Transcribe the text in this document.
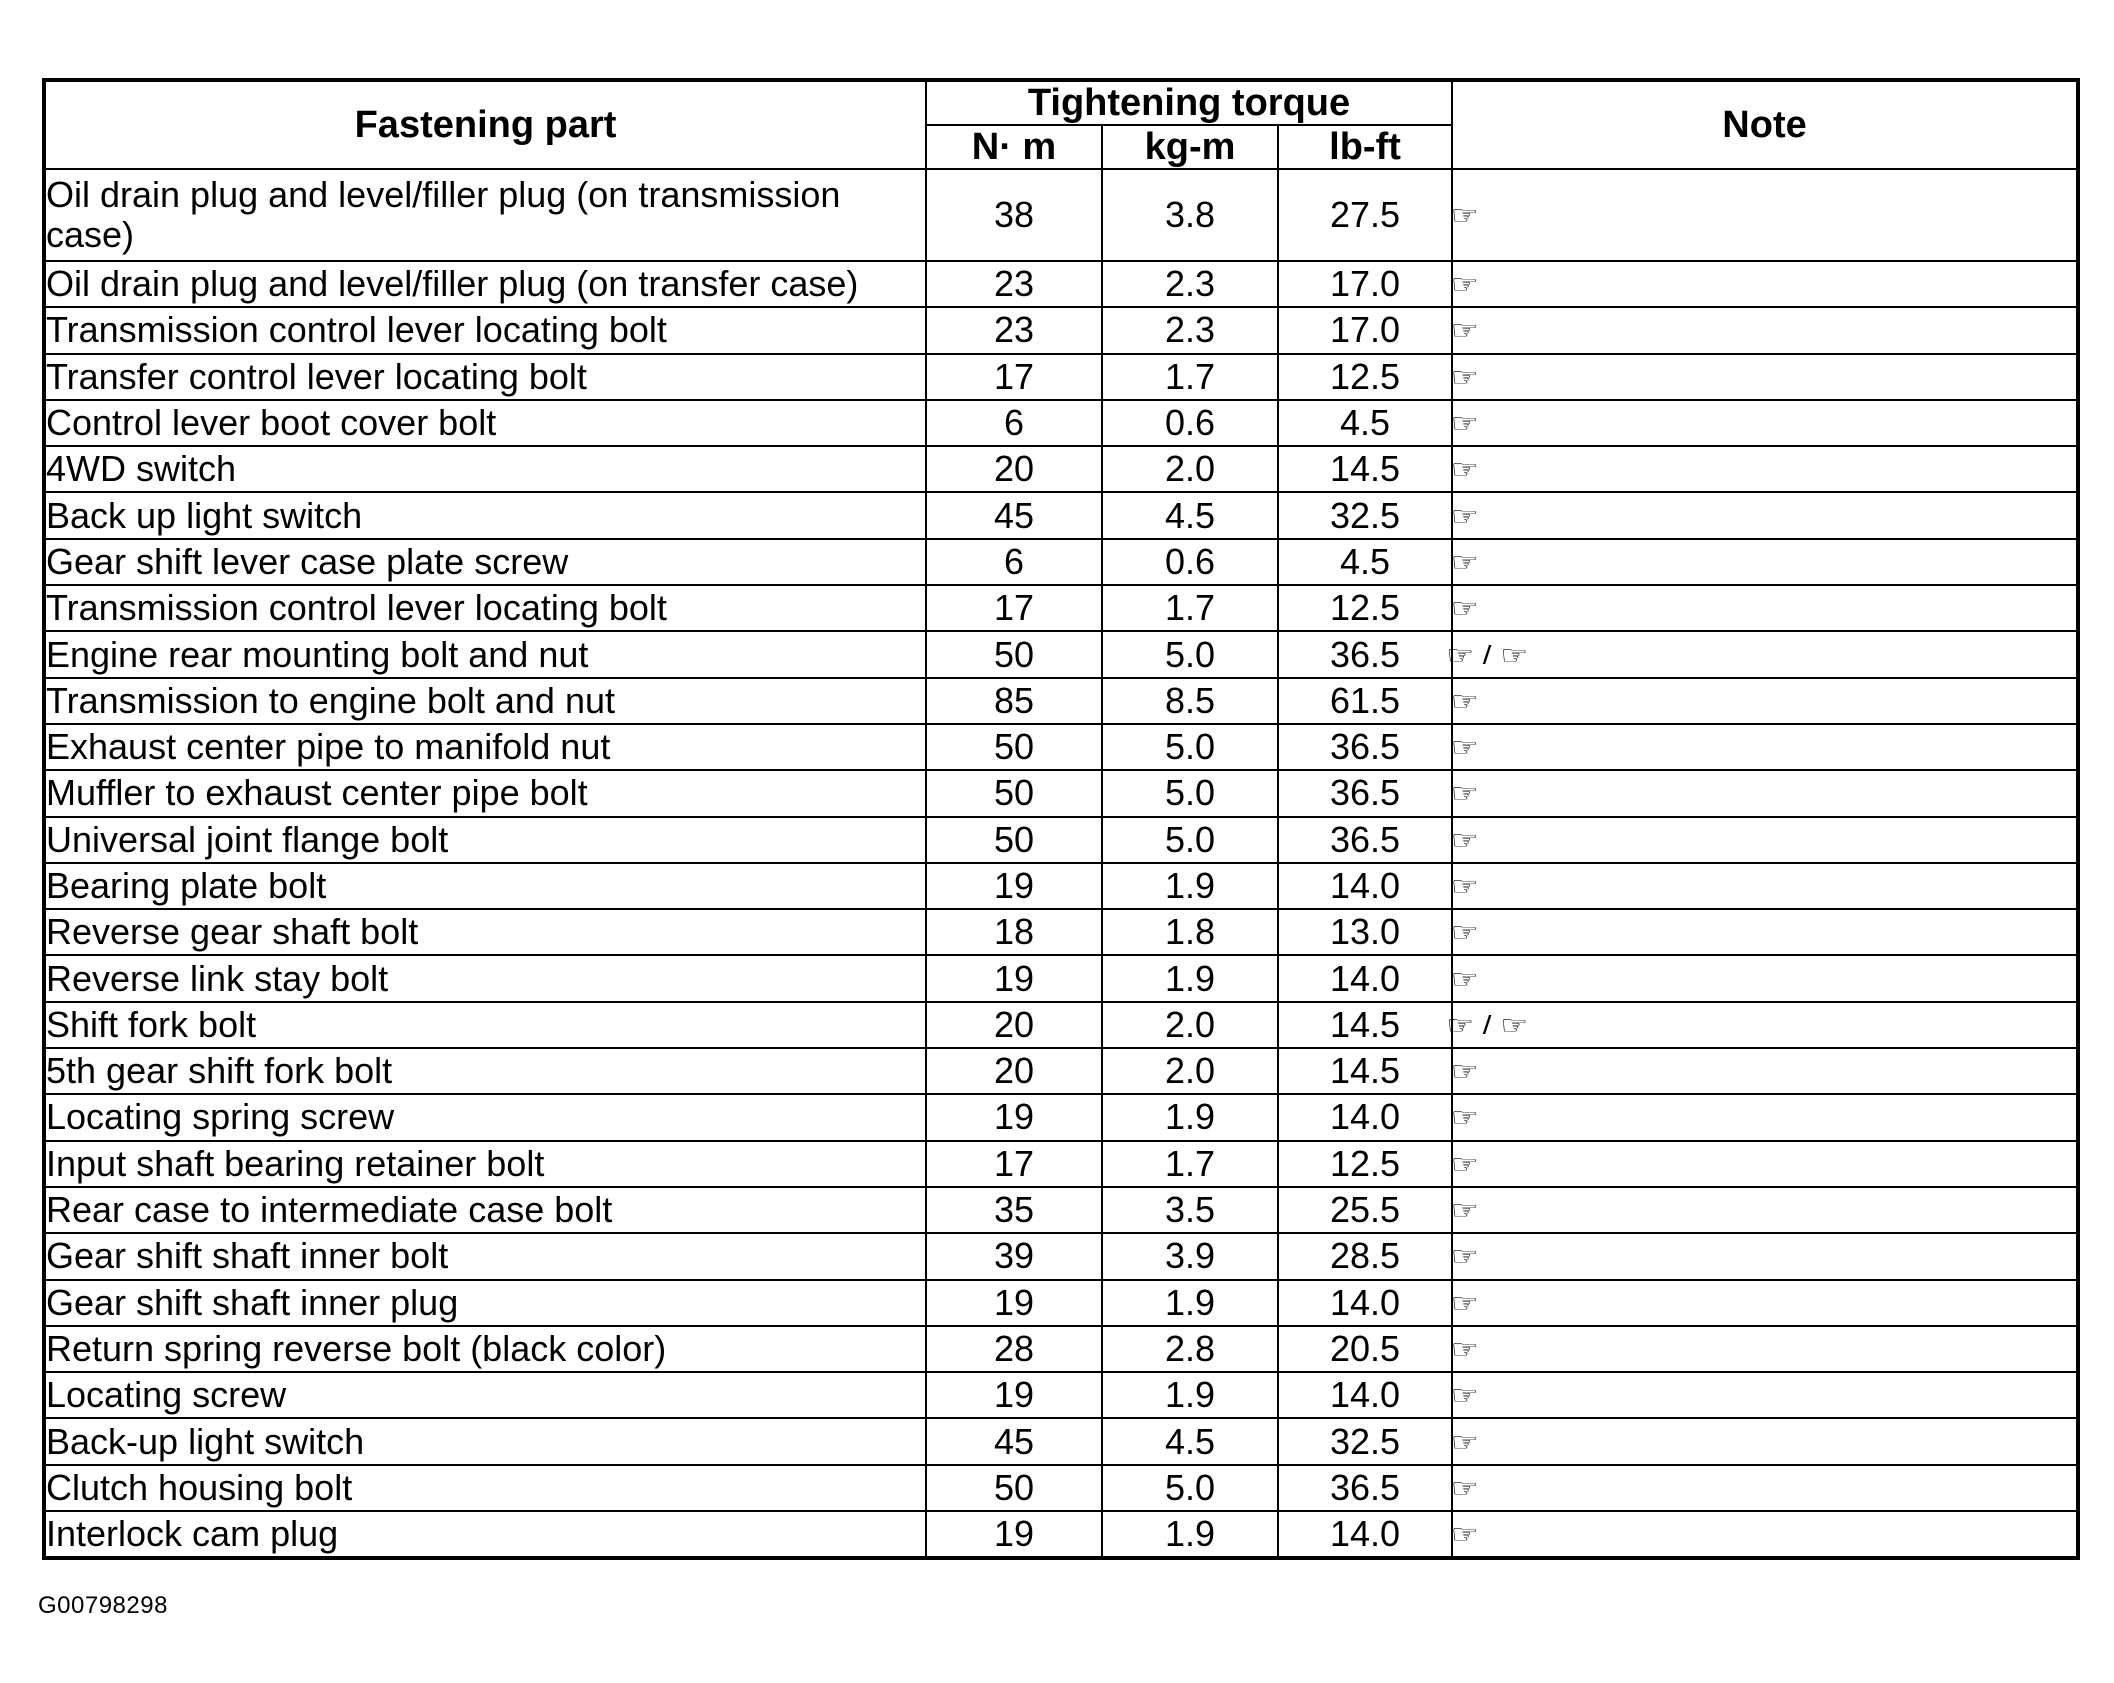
Fastening part	Tightening torque			Note
	N· m	kg-m	lb-ft	
Oil drain plug and level/filler plug (on transmission case)	38	3.8	27.5	☞
Oil drain plug and level/filler plug (on transfer case)	23	2.3	17.0	☞
Transmission control lever locating bolt	23	2.3	17.0	☞
Transfer control lever locating bolt	17	1.7	12.5	☞
Control lever boot cover bolt	6	0.6	4.5	☞
4WD switch	20	2.0	14.5	☞
Back up light switch	45	4.5	32.5	☞
Gear shift lever case plate screw	6	0.6	4.5	☞
Transmission control lever locating bolt	17	1.7	12.5	☞
Engine rear mounting bolt and nut	50	5.0	36.5	☞ / ☞
Transmission to engine bolt and nut	85	8.5	61.5	☞
Exhaust center pipe to manifold nut	50	5.0	36.5	☞
Muffler to exhaust center pipe bolt	50	5.0	36.5	☞
Universal joint flange bolt	50	5.0	36.5	☞
Bearing plate bolt	19	1.9	14.0	☞
Reverse gear shaft bolt	18	1.8	13.0	☞
Reverse link stay bolt	19	1.9	14.0	☞
Shift fork bolt	20	2.0	14.5	☞ / ☞
5th gear shift fork bolt	20	2.0	14.5	☞
Locating spring screw	19	1.9	14.0	☞
Input shaft bearing retainer bolt	17	1.7	12.5	☞
Rear case to intermediate case bolt	35	3.5	25.5	☞
Gear shift shaft inner bolt	39	3.9	28.5	☞
Gear shift shaft inner plug	19	1.9	14.0	☞
Return spring reverse bolt (black color)	28	2.8	20.5	☞
Locating screw	19	1.9	14.0	☞
Back-up light switch	45	4.5	32.5	☞
Clutch housing bolt	50	5.0	36.5	☞
Interlock cam plug	19	1.9	14.0	☞
G00798298
